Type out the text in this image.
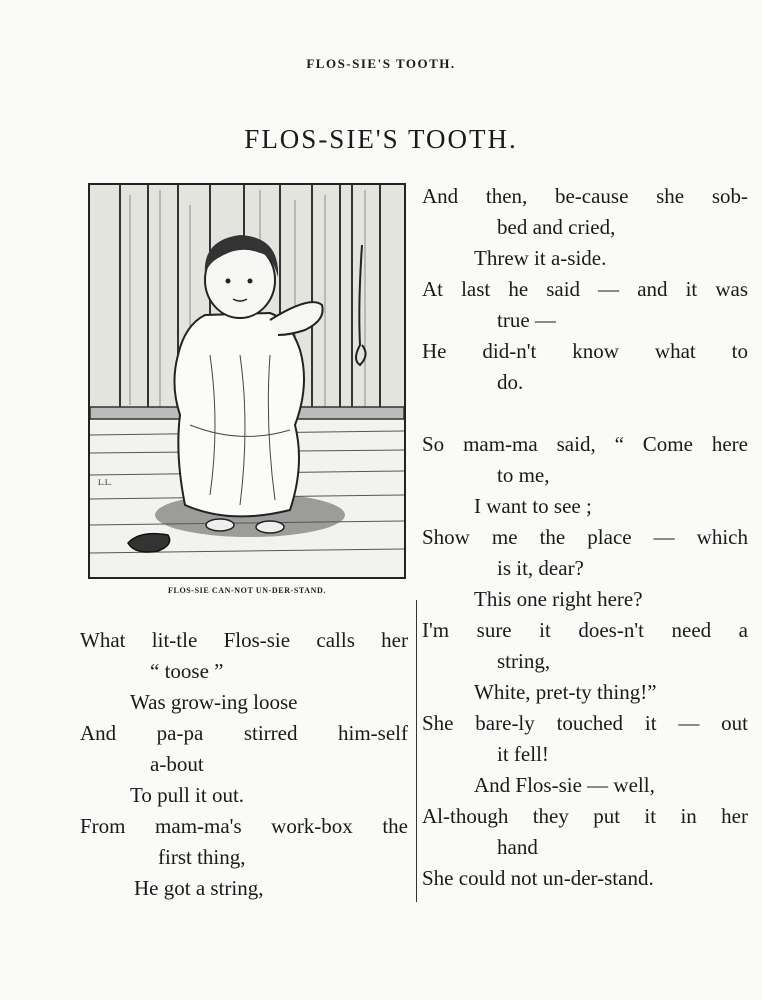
FLOS-SIE'S TOOTH.
FLOS-SIE'S TOOTH.
L.L.
FLOS-SIE CAN-NOT UN-DER-STAND.
What lit-tle Flos-sie calls her
“ toose ”
Was grow-ing loose
And pa-pa stirred him-self
a-bout
To pull it out.
From mam-ma's work-box the
first thing,
He got a string,
And then, be-cause she sob-
bed and cried,
Threw it a-side.
At last he said — and it was
true —
He did-n't know what to
do.
So mam-ma said, “ Come here
to me,
I want to see ;
Show me the place — which
is it, dear?
This one right here?
I'm sure it does-n't need a
string,
White, pret-ty thing!”
She bare-ly touched it — out
it fell!
And Flos-sie — well,
Al-though they put it in her
hand
She could not un-der-stand.
